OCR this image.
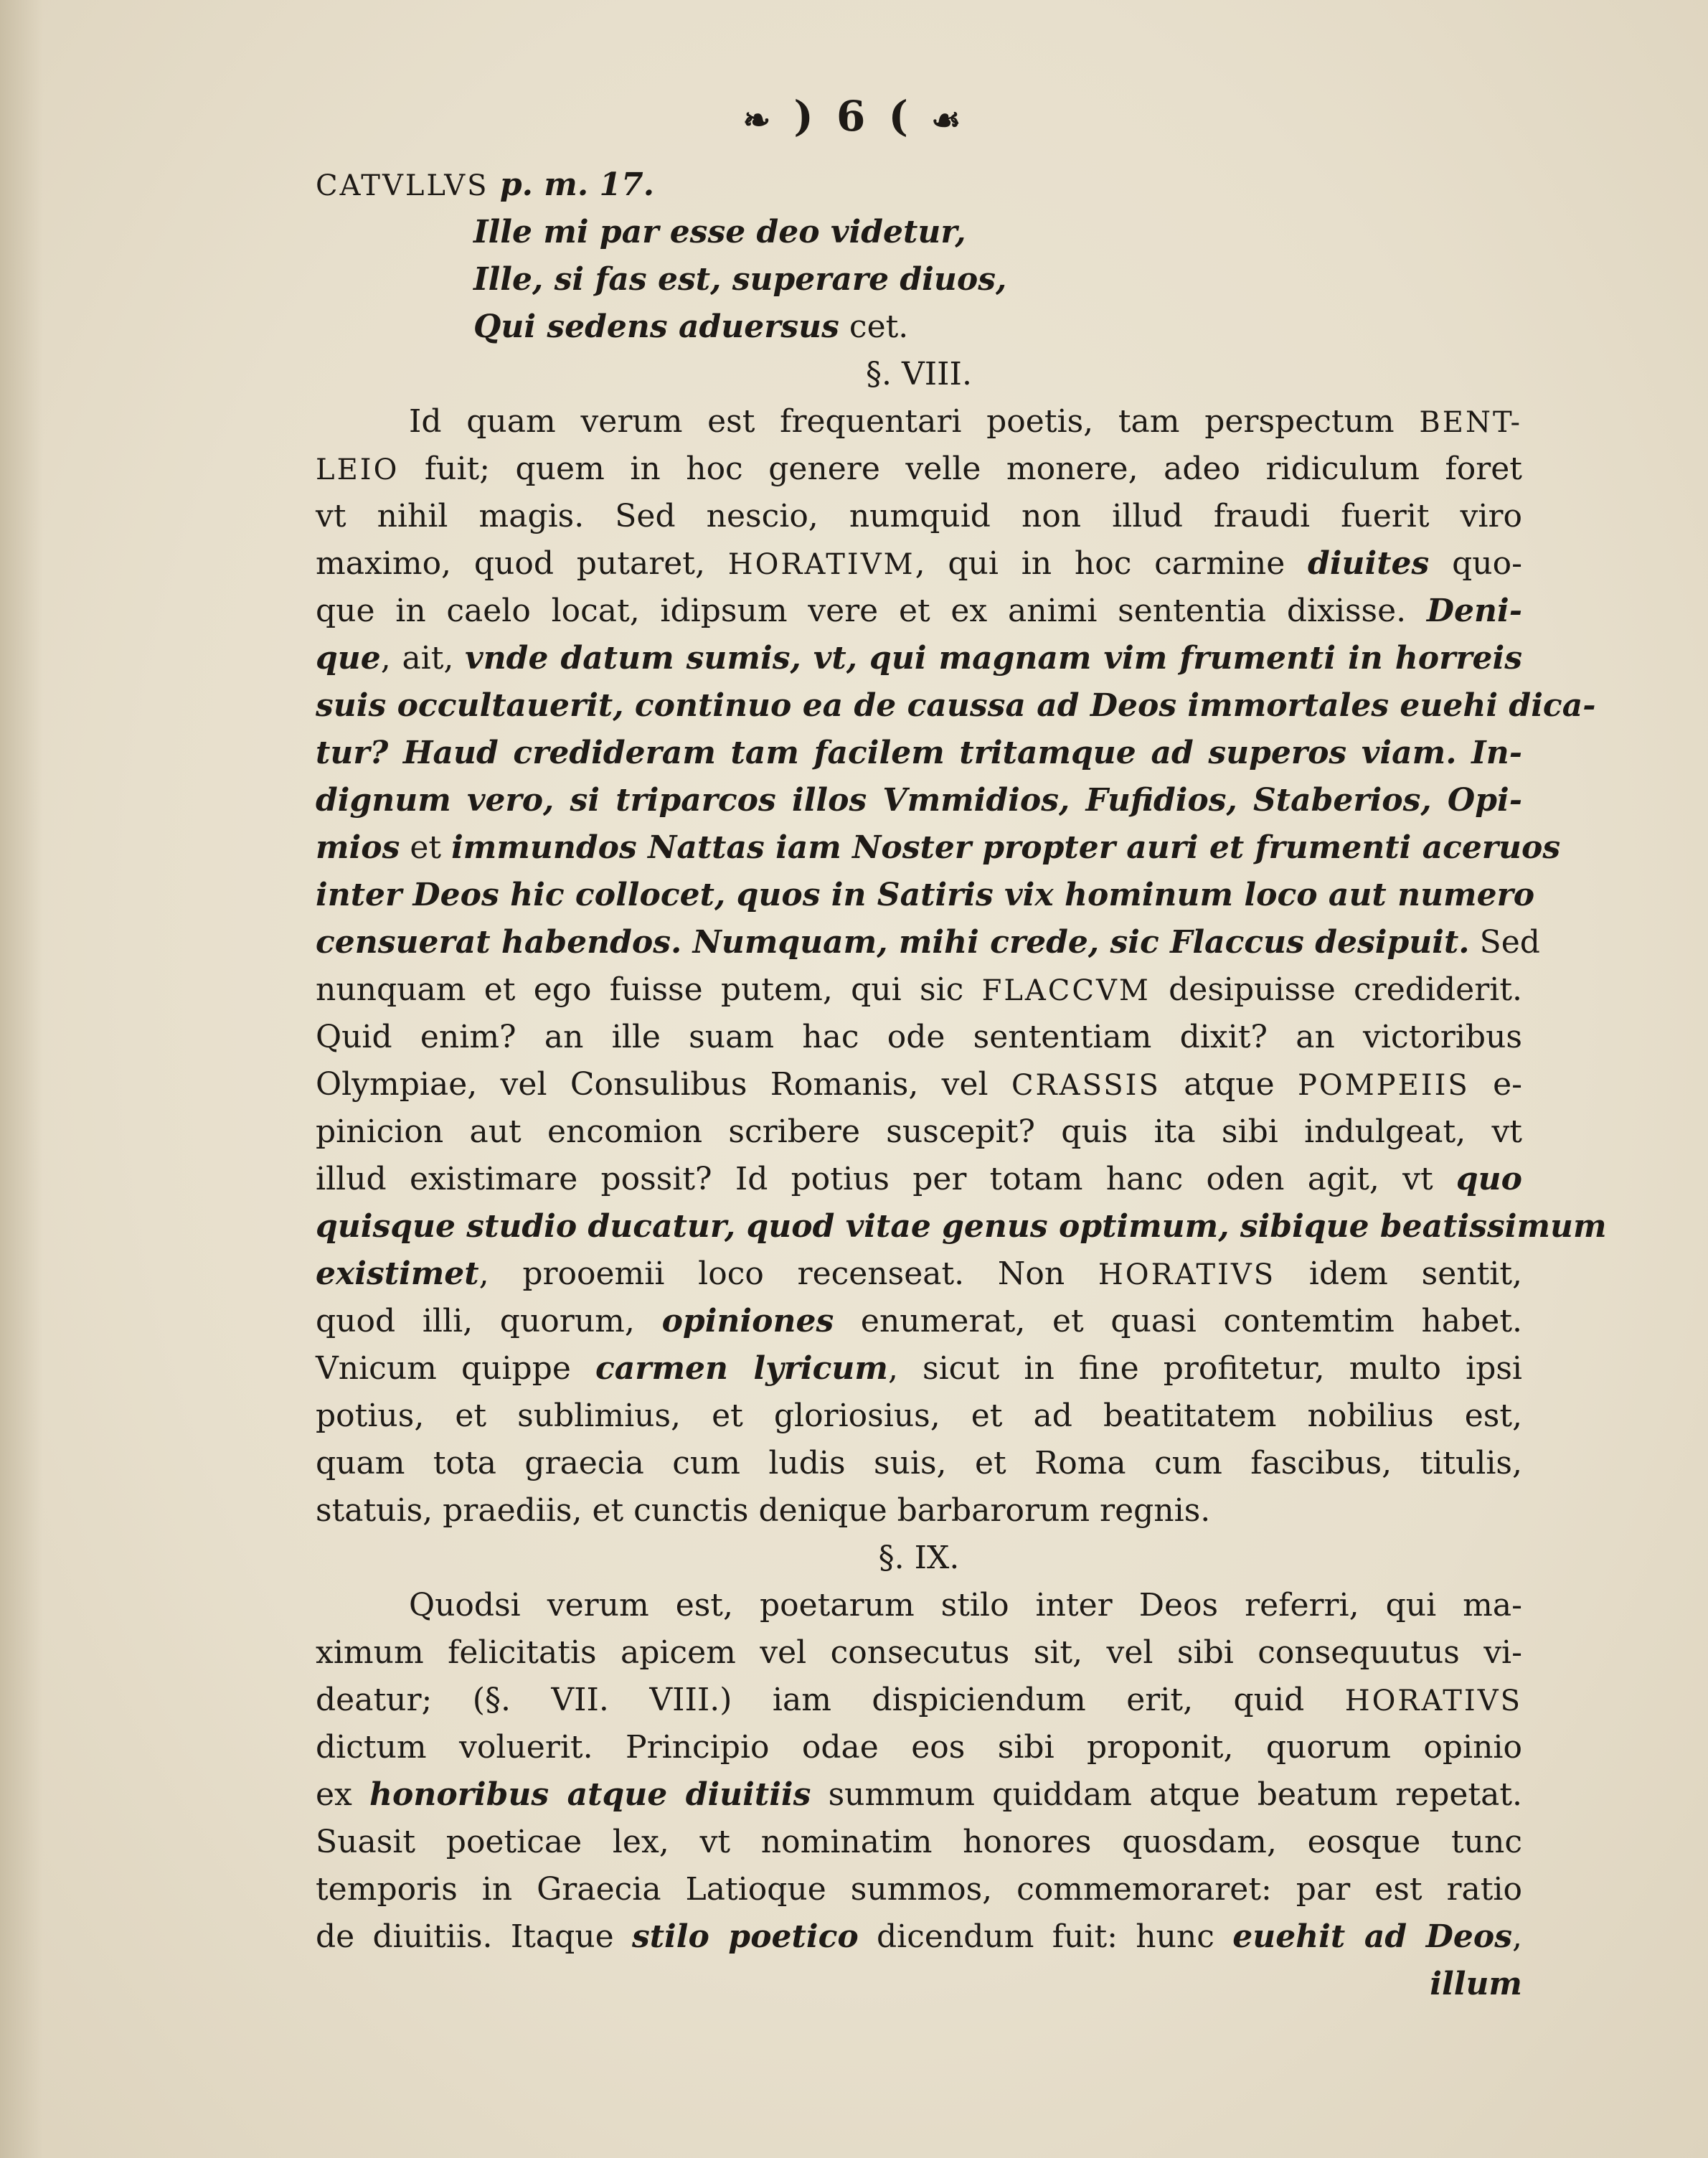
❧ ) 6 ( ☙
CATVLLVS p. m. 17.
Ille mi par esse deo videtur,
Ille, si fas est, superare diuos,
Qui sedens aduersus cet.
§. VIII.
Id quam verum est frequentari poetis, tam perspectum BENT-
LEIO fuit; quem in hoc genere velle monere, adeo ridiculum foret
vt nihil magis. Sed nescio, numquid non illud fraudi fuerit viro
maximo, quod putaret, HORATIVM, qui in hoc carmine diuites quo-
que in caelo locat, idipsum vere et ex animi sententia dixisse. Deni-
que, ait, vnde datum sumis, vt, qui magnam vim frumenti in horreis
suis occultauerit, continuo ea de caussa ad Deos immortales euehi dica-
tur? Haud credideram tam facilem tritamque ad superos viam. In-
dignum vero, si triparcos illos Vmmidios, Fufidios, Staberios, Opi-
mios et immundos Nattas iam Noster propter auri et frumenti aceruos
inter Deos hic collocet, quos in Satiris vix hominum loco aut numero
censuerat habendos. Numquam, mihi crede, sic Flaccus desipuit. Sed
nunquam et ego fuisse putem, qui sic FLACCVM desipuisse crediderit.
Quid enim? an ille suam hac ode sententiam dixit? an victoribus
Olympiae, vel Consulibus Romanis, vel CRASSIS atque POMPEIIS e-
pinicion aut encomion scribere suscepit? quis ita sibi indulgeat, vt
illud existimare possit? Id potius per totam hanc oden agit, vt quo
quisque studio ducatur, quod vitae genus optimum, sibique beatissimum
existimet, prooemii loco recenseat. Non HORATIVS idem sentit,
quod illi, quorum, opiniones enumerat, et quasi contemtim habet.
Vnicum quippe carmen lyricum, sicut in fine profitetur, multo ipsi
potius, et sublimius, et gloriosius, et ad beatitatem nobilius est,
quam tota graecia cum ludis suis, et Roma cum fascibus, titulis,
statuis, praediis, et cunctis denique barbarorum regnis.
§. IX.
Quodsi verum est, poetarum stilo inter Deos referri, qui ma-
ximum felicitatis apicem vel consecutus sit, vel sibi consequutus vi-
deatur; (§. VII. VIII.) iam dispiciendum erit, quid HORATIVS
dictum voluerit. Principio odae eos sibi proponit, quorum opinio
ex honoribus atque diuitiis summum quiddam atque beatum repetat.
Suasit poeticae lex, vt nominatim honores quosdam, eosque tunc
temporis in Graecia Latioque summos, commemoraret: par est ratio
de diuitiis. Itaque stilo poetico dicendum fuit: hunc euehit ad Deos,
illum
